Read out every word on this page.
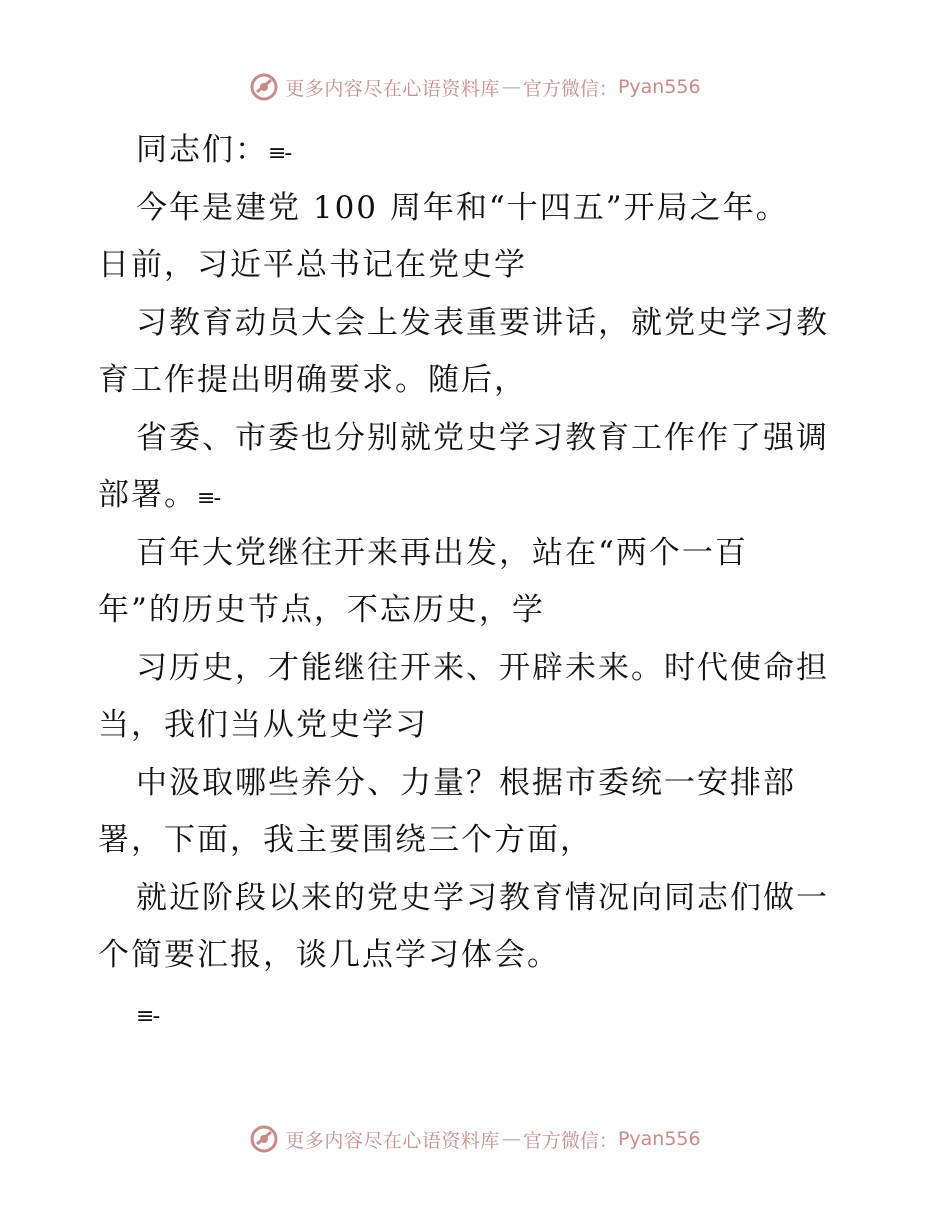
更多内容尽在心语资料库 — 官方微信： Pyan556
同志们：≡-
今年是建党 100 周年和“十四五”开局之年。
日前，习近平总书记在党史学
习教育动员大会上发表重要讲话，就党史学习教
育工作提出明确要求。随后，
省委、市委也分别就党史学习教育工作作了强调
部署。≡-
百年大党继往开来再出发，站在“两个一百
年”的历史节点，不忘历史，学
习历史，才能继往开来、开辟未来。时代使命担
当，我们当从党史学习
中汲取哪些养分、力量？根据市委统一安排部
署，下面，我主要围绕三个方面，
就近阶段以来的党史学习教育情况向同志们做一
个简要汇报，谈几点学习体会。
≡-
更多内容尽在心语资料库 — 官方微信： Pyan556
